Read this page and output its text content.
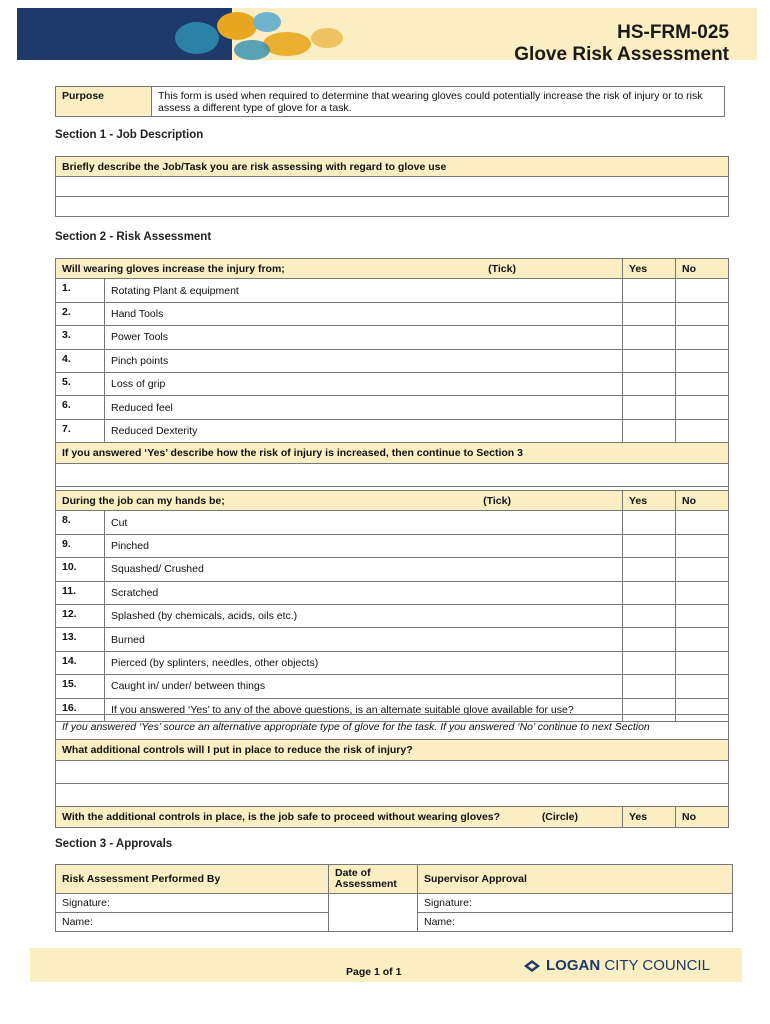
HS-FRM-025
Glove Risk Assessment
Purpose	This form is used when required to determine that wearing gloves could potentially increase the risk of injury or to risk assess a different type of glove for a task.
Section 1 - Job Description
Briefly describe the Job/Task you are risk assessing with regard to glove use

Section 2 - Risk Assessment
Will wearing gloves increase the injury from; (Tick)		Yes	No
1.	Rotating Plant & equipment		
2.	Hand Tools		
3.	Power Tools		
4.	Pinch points		
5.	Loss of grip		
6.	Reduced feel		
7.	Reduced Dexterity		
If you answered ‘Yes’ describe how the risk of injury is increased, then continue to Section 3			

During the job can my hands be; (Tick)		Yes	No
8.	Cut		
9.	Pinched		
10.	Squashed/ Crushed		
11.	Scratched		
12.	Splashed (by chemicals, acids, oils etc.)		
13.	Burned		
14.	Pierced (by splinters, needles, other objects)		
15.	Caught in/ under/ between things		
16.	If you answered ‘Yes’ to any of the above questions, is an alternate suitable glove available for use?		
If you answered ‘Yes’ source an alternative appropriate type of glove for the task. If you answered ‘No’ continue to next Section
What additional controls will I put in place to reduce the risk of injury?

With the additional controls in place, is the job safe to proceed without wearing gloves?	(Circle)	Yes	No
Section 3 - Approvals
Risk Assessment Performed By	Date of Assessment	Supervisor Approval
Signature:		Signature:
Name:		Name:
Page 1 of 1	LOGAN CITY COUNCIL
